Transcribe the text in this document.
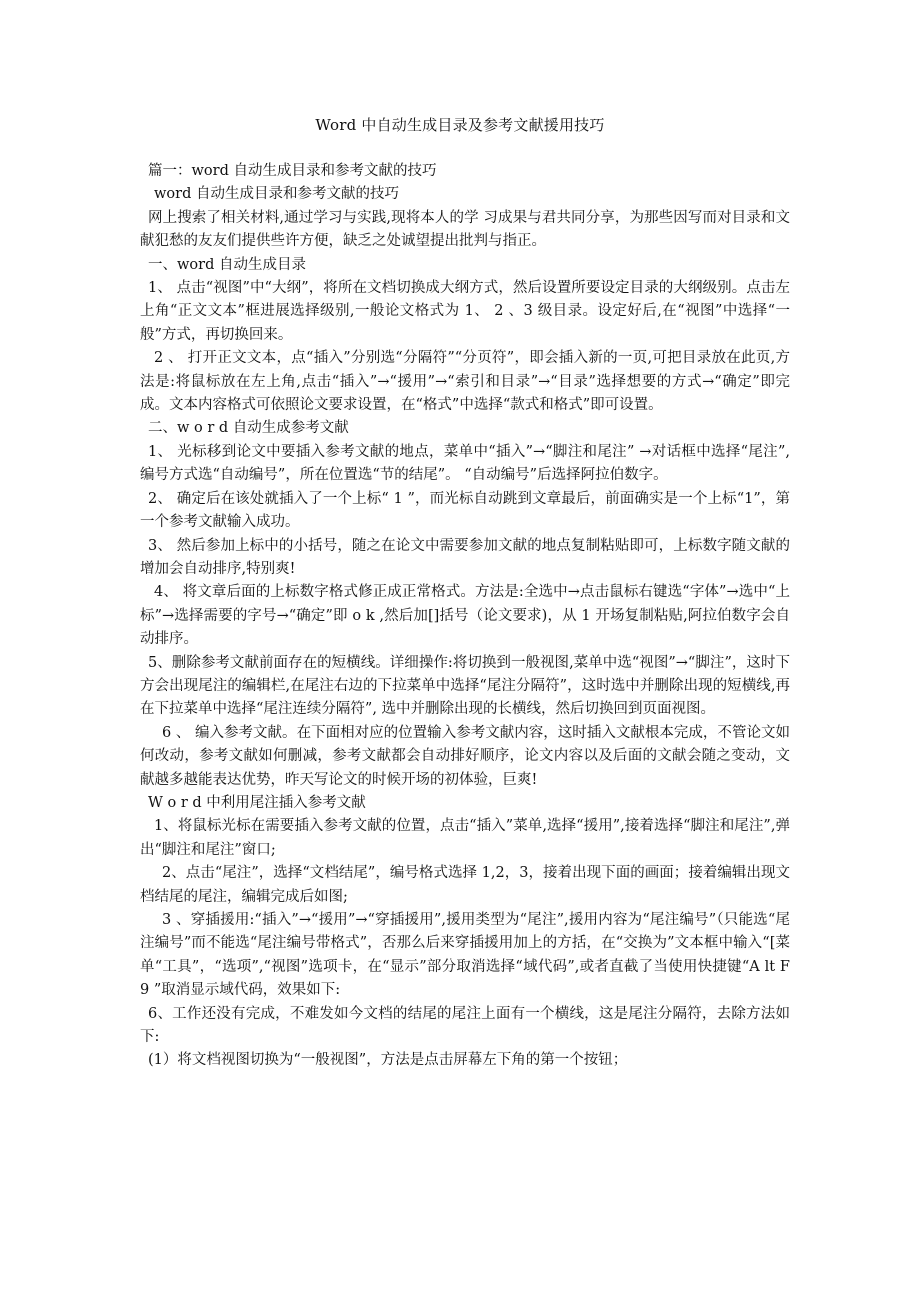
Word 中自动生成目录及参考文献援用技巧

篇一：word 自动生成目录和参考文献的技巧

word 自动生成目录和参考文献的技巧

网上搜索了相关材料,通过学习与实践,现将本人的学 习成果与君共同分享，为那些因写而对目录和文献犯愁的友友们提供些许方便，缺乏之处诚望提出批判与指正。

一、word 自动生成目录

1、 点击“视图”中“大纲”，将所在文档切换成大纲方式，然后设置所要设定目录的大纲级别。点击左上角“正文文本”框进展选择级别,一般论文格式为 1、 2 、3 级目录。设定好后,在“视图”中选择“一般”方式，再切换回来。

2 、 打开正文文本，点“插入”分别选“分隔符”“分页符”，即会插入新的一页,可把目录放在此页,方法是:将鼠标放在左上角,点击“插入”→“援用”→“索引和目录”→“目录”选择想要的方式→“确定”即完成。文本内容格式可依照论文要求设置，在“格式”中选择“款式和格式”即可设置。

二、w o r d 自动生成参考文献

1、 光标移到论文中要插入参考文献的地点，菜单中“插入”→“脚注和尾注” →对话框中选择“尾注”,编号方式选“自动编号”，所在位置选“节的结尾”。 “自动编号”后选择阿拉伯数字。

2、 确定后在该处就插入了一个上标“ 1 ”，而光标自动跳到文章最后，前面确实是一个上标“1”，第一个参考文献输入成功。

3、 然后参加上标中的小括号，随之在论文中需要参加文献的地点复制粘贴即可，上标数字随文献的增加会自动排序,特别爽!

4、 将文章后面的上标数字格式修正成正常格式。方法是:全选中→点击鼠标右键选“字体”→选中“上标”→选择需要的字号→“确定”即 o k ,然后加[]括号（论文要求)，从 1 开场复制粘贴,阿拉伯数字会自动排序。

5、删除参考文献前面存在的短横线。详细操作:将切换到一般视图,菜单中选“视图”→“脚注”，这时下方会出现尾注的编辑栏,在尾注右边的下拉菜单中选择“尾注分隔符”，这时选中并删除出现的短横线,再在下拉菜单中选择“尾注连续分隔符”, 选中并删除出现的长横线，然后切换回到页面视图。

6 、 编入参考文献。在下面相对应的位置输入参考文献内容，这时插入文献根本完成，不管论文如何改动，参考文献如何删减，参考文献都会自动排好顺序，论文内容以及后面的文献会随之变动，文献越多越能表达优势，昨天写论文的时候开场的初体验，巨爽!

W o r d 中利用尾注插入参考文献

1、将鼠标光标在需要插入参考文献的位置，点击“插入”菜单,选择“援用”,接着选择“脚注和尾注”,弹出“脚注和尾注”窗口;

2、点击“尾注”，选择“文档结尾”，编号格式选择 1,2，3，接着出现下面的画面；接着编辑出现文档结尾的尾注，编辑完成后如图;

3 、穿插援用:“插入”→“援用”→“穿插援用”,援用类型为“尾注”,援用内容为“尾注编号”（只能选“尾注编号”而不能选“尾注编号带格式”，否那么后来穿插援用加上的方括，在“交换为”文本框中输入“[菜单“工具”，“选项”,“视图”选项卡，在“显示”部分取消选择“域代码”,或者直截了当使用快捷键“A lt F 9 ”取消显示域代码，效果如下:

6、工作还没有完成，不难发如今文档的结尾的尾注上面有一个横线，这是尾注分隔符，去除方法如下:

(1）将文档视图切换为“一般视图”，方法是点击屏幕左下角的第一个按钮；
